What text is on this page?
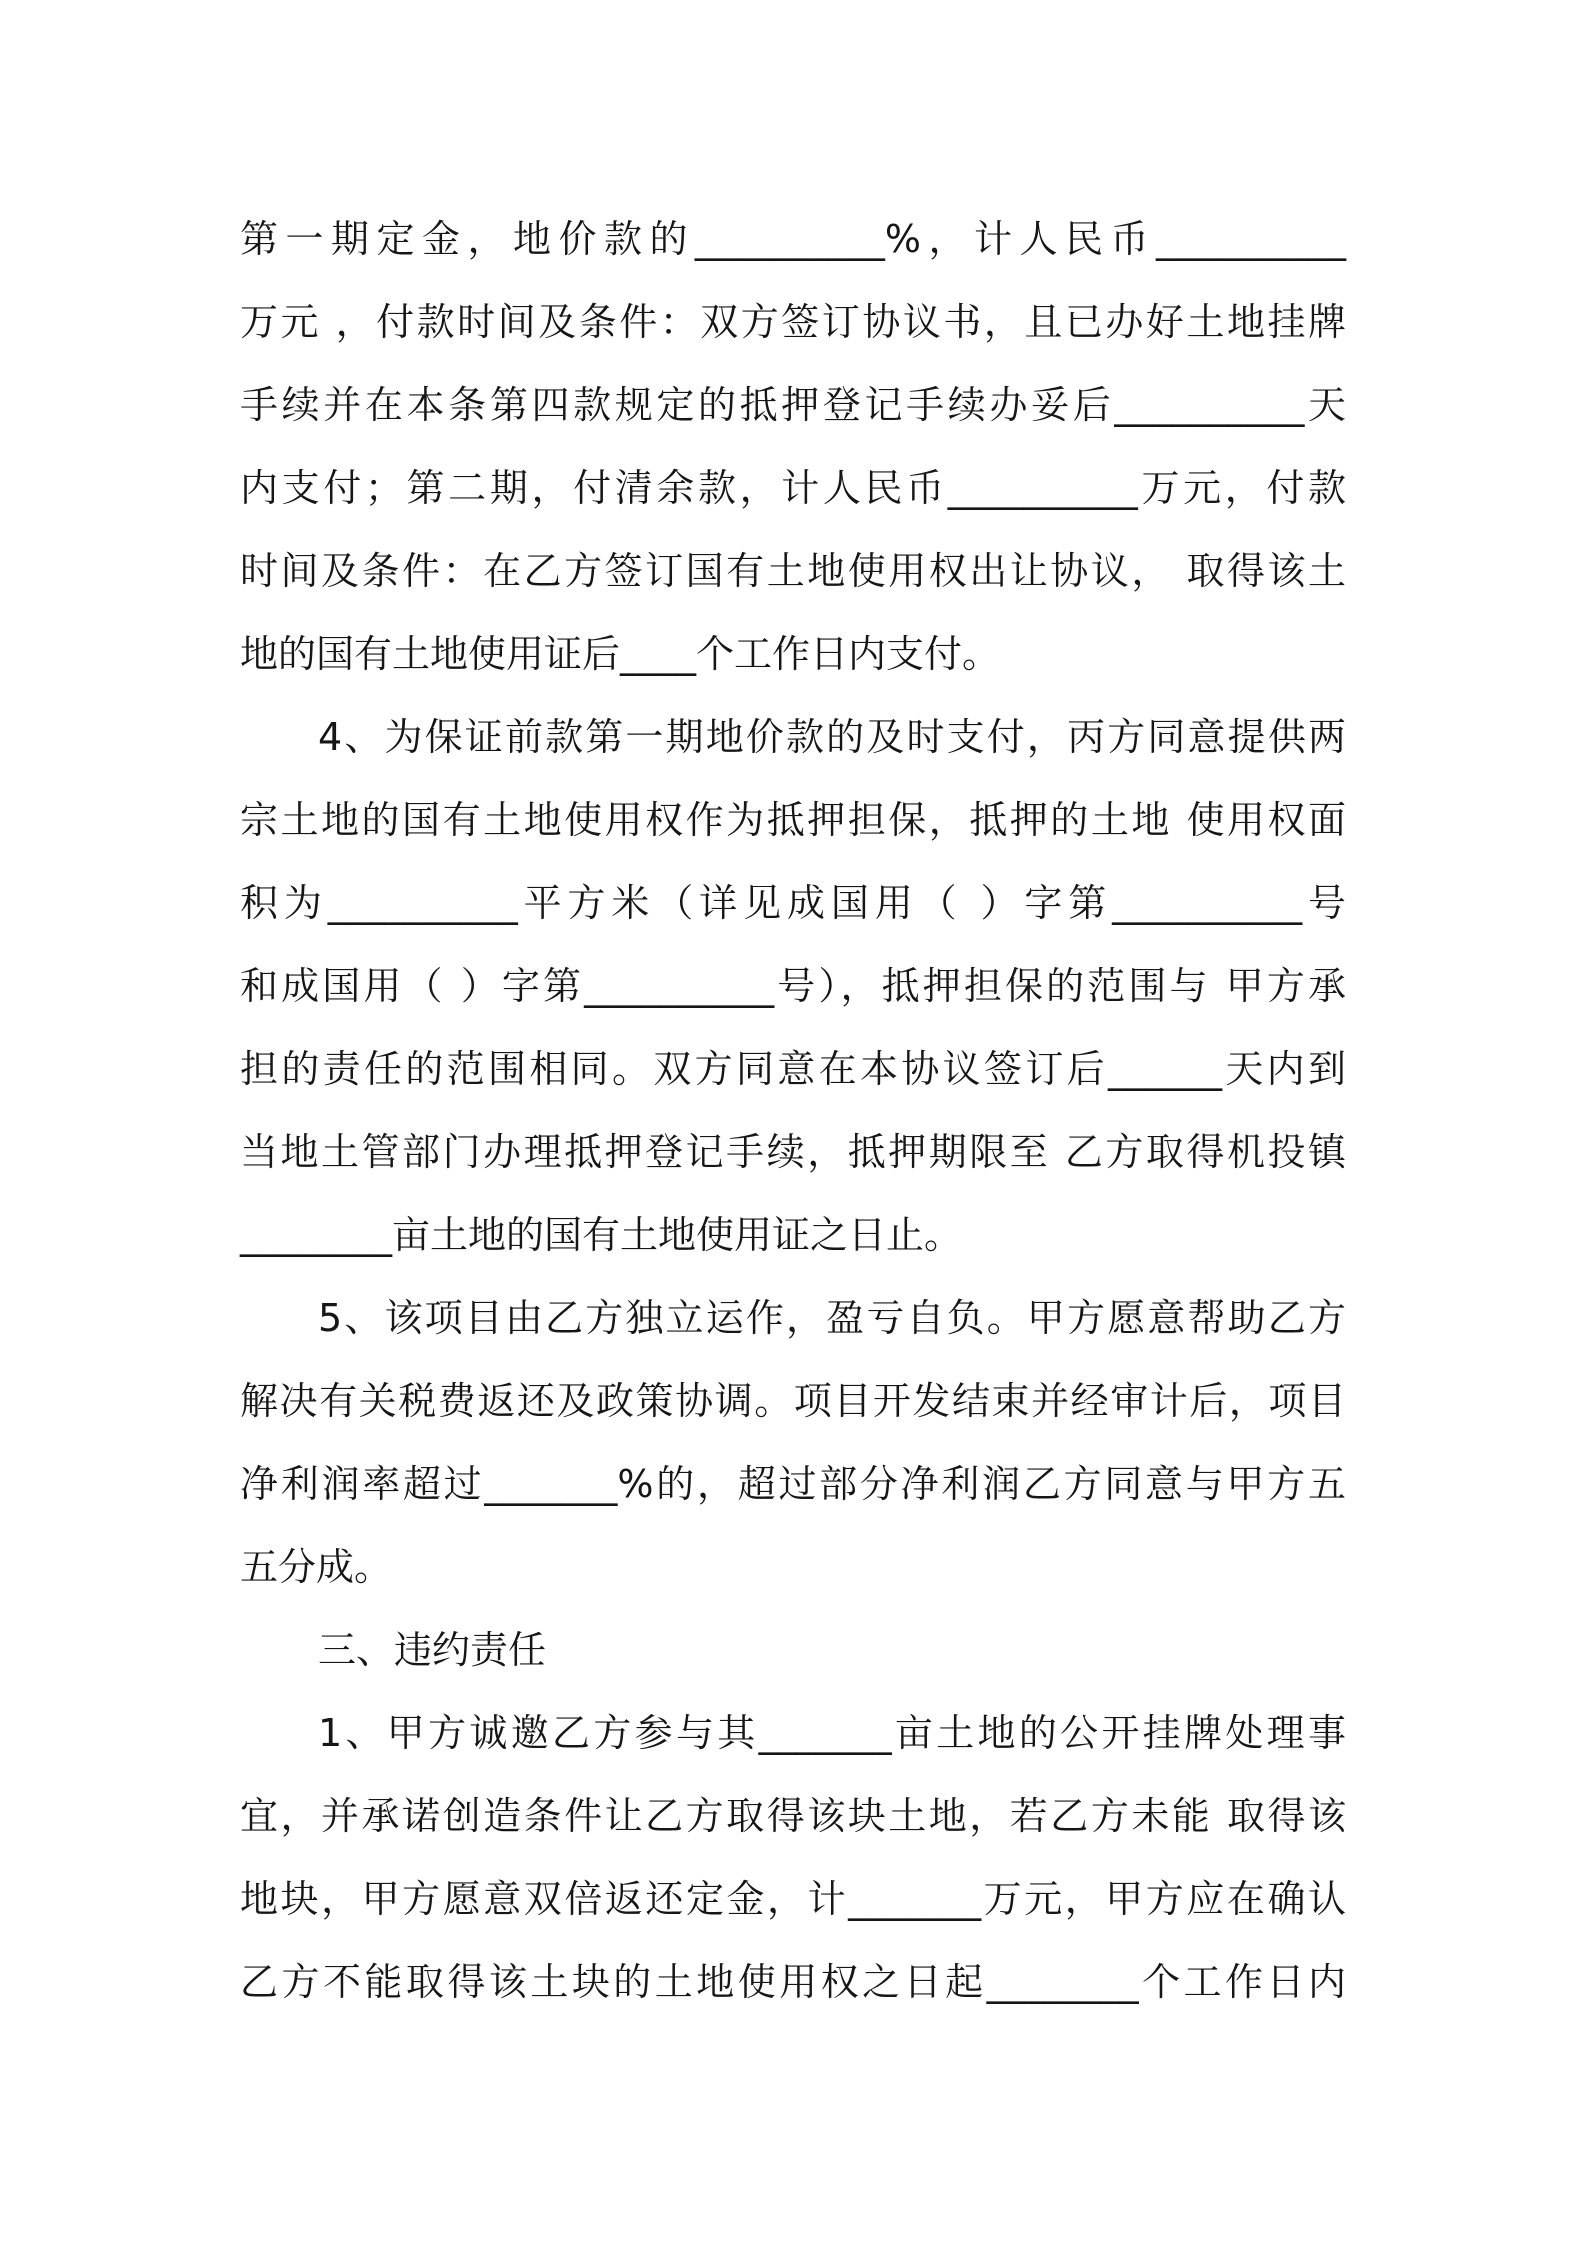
第一期定金，地价款的__________%，计人民币__________
万元 ，付款时间及条件：双方签订协议书，且已办好土地挂牌
手续并在本条第四款规定的抵押登记手续办妥后__________天
内支付；第二期，付清余款，计人民币__________万元，付款
时间及条件：在乙方签订国有土地使用权出让协议， 取得该土
地的国有土地使用证后____个工作日内支付。
4、为保证前款第一期地价款的及时支付，丙方同意提供两
宗土地的国有土地使用权作为抵押担保，抵押的土地 使用权面
积为__________平方米（详见成国用（ ）字第__________号
和成国用（ ）字第__________号），抵押担保的范围与 甲方承
担的责任的范围相同。双方同意在本协议签订后______天内到
当地土管部门办理抵押登记手续，抵押期限至 乙方取得机投镇
________亩土地的国有土地使用证之日止。
5、该项目由乙方独立运作，盈亏自负。甲方愿意帮助乙方
解决有关税费返还及政策协调。项目开发结束并经审计后，项目
净利润率超过_______%的，超过部分净利润乙方同意与甲方五
五分成。
三、违约责任
1、甲方诚邀乙方参与其_______亩土地的公开挂牌处理事
宜，并承诺创造条件让乙方取得该块土地，若乙方未能 取得该
地块，甲方愿意双倍返还定金，计_______万元，甲方应在确认
乙方不能取得该土块的土地使用权之日起________个工作日内
